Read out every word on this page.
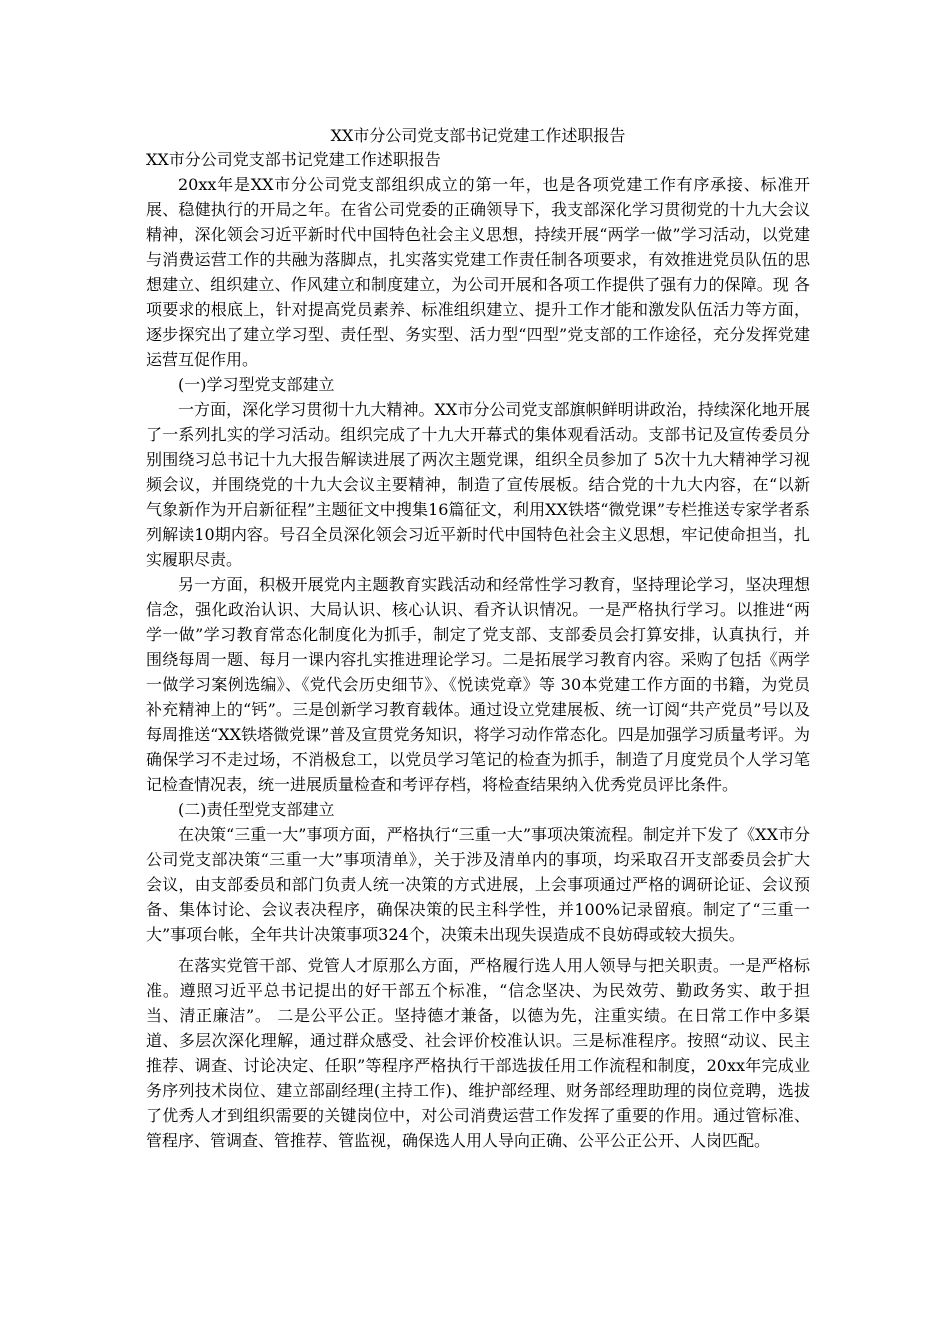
XX市分公司党支部书记党建工作述职报告
XX市分公司党支部书记党建工作述职报告

20xx年是XX市分公司党支部组织成立的第一年，也是各项党建工作有序承接、标准开展、稳健执行的开局之年。在省公司党委的正确领导下，我支部深化学习贯彻党的十九大会议精神，深化领会习近平新时代中国特色社会主义思想，持续开展“两学一做”学习活动，以党建与消费运营工作的共融为落脚点，扎实落实党建工作责任制各项要求，有效推进党员队伍的思想建立、组织建立、作风建立和制度建立，为公司开展和各项工作提供了强有力的保障。现 各项要求的根底上，针对提高党员素养、标准组织建立、提升工作才能和激发队伍活力等方面，逐步探究出了建立学习型、责任型、务实型、活力型“四型”党支部的工作途径，充分发挥党建运营互促作用。

(一)学习型党支部建立

一方面，深化学习贯彻十九大精神。XX市分公司党支部旗帜鲜明讲政治，持续深化地开展了一系列扎实的学习活动。组织完成了十九大开幕式的集体观看活动。支部书记及宣传委员分别围绕习总书记十九大报告解读进展了两次主题党课，组织全员参加了 5次十九大精神学习视频会议，并围绕党的十九大会议主要精神，制造了宣传展板。结合党的十九大内容，在“以新气象新作为开启新征程”主题征文中搜集16篇征文，利用XX铁塔“微党课”专栏推送专家学者系列解读10期内容。号召全员深化领会习近平新时代中国特色社会主义思想，牢记使命担当，扎实履职尽责。

另一方面，积极开展党内主题教育实践活动和经常性学习教育，坚持理论学习，坚决理想信念，强化政治认识、大局认识、核心认识、看齐认识情况。一是严格执行学习。以推进“两学一做”学习教育常态化制度化为抓手，制定了党支部、支部委员会打算安排，认真执行，并围绕每周一题、每月一课内容扎实推进理论学习。二是拓展学习教育内容。采购了包括《两学一做学习案例选编》、《党代会历史细节》、《悦读党章》等 30本党建工作方面的书籍，为党员补充精神上的“钙”。三是创新学习教育载体。通过设立党建展板、统一订阅“共产党员”号以及每周推送“XX铁塔微党课”普及宣贯党务知识，将学习动作常态化。四是加强学习质量考评。为确保学习不走过场，不消极怠工，以党员学习笔记的检查为抓手，制造了月度党员个人学习笔记检查情况表，统一进展质量检查和考评存档，将检查结果纳入优秀党员评比条件。

(二)责任型党支部建立

在决策“三重一大”事项方面，严格执行“三重一大”事项决策流程。制定并下发了《XX市分公司党支部决策“三重一大”事项清单》，关于涉及清单内的事项，均采取召开支部委员会扩大会议，由支部委员和部门负责人统一决策的方式进展，上会事项通过严格的调研论证、会议预备、集体讨论、会议表决程序，确保决策的民主科学性，并100%记录留痕。制定了“三重一大”事项台帐，全年共计决策事项324个，决策未出现失误造成不良妨碍或较大损失。

在落实党管干部、党管人才原那么方面，严格履行选人用人领导与把关职责。一是严格标准。遵照习近平总书记提出的好干部五个标准，“信念坚决、为民效劳、勤政务实、敢于担当、清正廉洁”。 二是公平公正。坚持德才兼备，以德为先，注重实绩。在日常工作中多渠道、多层次深化理解，通过群众感受、社会评价校准认识。三是标准程序。按照“动议、民主推荐、调查、讨论决定、任职”等程序严格执行干部选拔任用工作流程和制度，20xx年完成业务序列技术岗位、建立部副经理(主持工作)、维护部经理、财务部经理助理的岗位竞聘，选拔了优秀人才到组织需要的关键岗位中，对公司消费运营工作发挥了重要的作用。通过管标准、管程序、管调查、管推荐、管监视，确保选人用人导向正确、公平公正公开、人岗匹配。
